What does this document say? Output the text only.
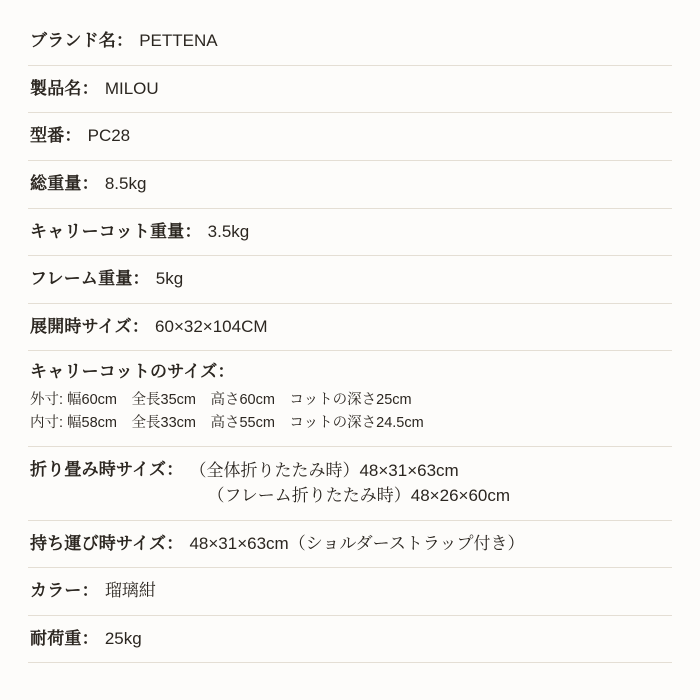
ブランド名： PETTENA
製品名： MILOU
型番： PC28
総重量： 8.5kg
キャリーコット重量： 3.5kg
フレーム重量： 5kg
展開時サイズ： 60×32×104CM
キャリーコットのサイズ：
外寸: 幅60cm　全長35cm　高さ60cm　コットの深さ25cm
内寸: 幅58cm　全長33cm　高さ55cm　コットの深さ24.5cm
折り畳み時サイズ： （全体折りたたみ時）48×31×63cm
（フレーム折りたたみ時）48×26×60cm
持ち運び時サイズ： 48×31×63cm（ショルダーストラップ付き）
カラー： 瑠璃紺
耐荷重： 25kg
